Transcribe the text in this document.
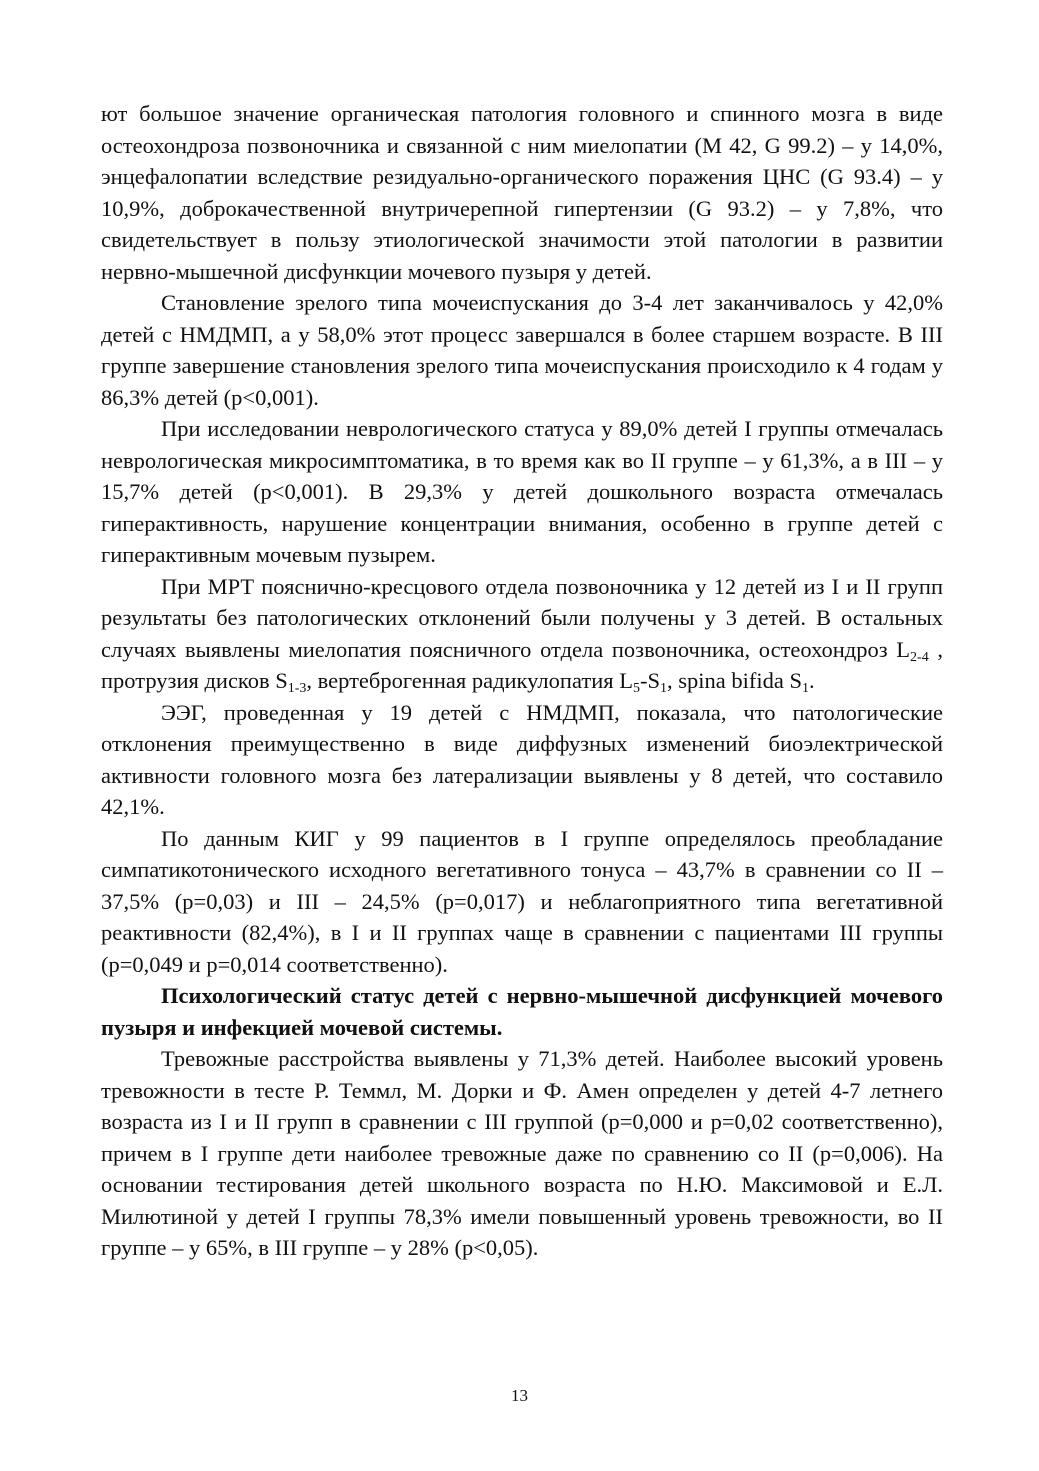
ют большое значение органическая патология головного и спинного мозга в виде остеохондроза позвоночника и связанной с ним миелопатии (М 42, G 99.2) – у 14,0%, энцефалопатии вследствие резидуально-органического поражения ЦНС (G 93.4) – у 10,9%, доброкачественной внутричерепной гипертензии (G 93.2) – у 7,8%, что свидетельствует в пользу этиологической значимости этой патологии в развитии нервно-мышечной дисфункции мочевого пузыря у детей.

Становление зрелого типа мочеиспускания до 3-4 лет заканчивалось у 42,0% детей с НМДМП, а у 58,0% этот процесс завершался в более старшем возрасте. В III группе завершение становления зрелого типа мочеиспускания происходило к 4 годам у 86,3% детей (р<0,001).

При исследовании неврологического статуса у 89,0% детей I группы отмечалась неврологическая микросимптоматика, в то время как во II группе – у 61,3%, а в III – у 15,7% детей (р<0,001). В 29,3% у детей дошкольного возраста отмечалась гиперактивность, нарушение концентрации внимания, особенно в группе детей с гиперактивным мочевым пузырем.

При МРТ пояснично-кресцового отдела позвоночника у 12 детей из I и II групп результаты без патологических отклонений были получены у 3 детей. В остальных случаях выявлены миелопатия поясничного отдела позвоночника, остеохондроз $L_{2-4}$ , протрузия дисков $S_{1-3}$, вертеброгенная радикулопатия $L_5-S_1$, spina bifida $S_1$.

ЭЭГ, проведенная у 19 детей с НМДМП, показала, что патологические отклонения преимущественно в виде диффузных изменений биоэлектрической активности головного мозга без латерализации выявлены у 8 детей, что составило 42,1%.

По данным КИГ у 99 пациентов в I группе определялось преобладание симпатикотонического исходного вегетативного тонуса – 43,7% в сравнении со II – 37,5% (р=0,03) и III – 24,5% (р=0,017) и неблагоприятного типа вегетативной реактивности (82,4%), в I и II группах чаще в сравнении с пациентами III группы (р=0,049 и р=0,014 соответственно).

Психологический статус детей с нервно-мышечной дисфункцией мочевого пузыря и инфекцией мочевой системы.

Тревожные расстройства выявлены у 71,3% детей. Наиболее высокий уровень тревожности в тесте Р. Теммл, М. Дорки и Ф. Амен определен у детей 4-7 летнего возраста из I и II групп в сравнении с III группой (р=0,000 и р=0,02 соответственно), причем в I группе дети наиболее тревожные даже по сравнению со II (р=0,006). На основании тестирования детей школьного возраста по Н.Ю. Максимовой и Е.Л. Милютиной у детей I группы 78,3% имели повышенный уровень тревожности, во II группе – у 65%, в III группе – у 28% (р<0,05).

13
